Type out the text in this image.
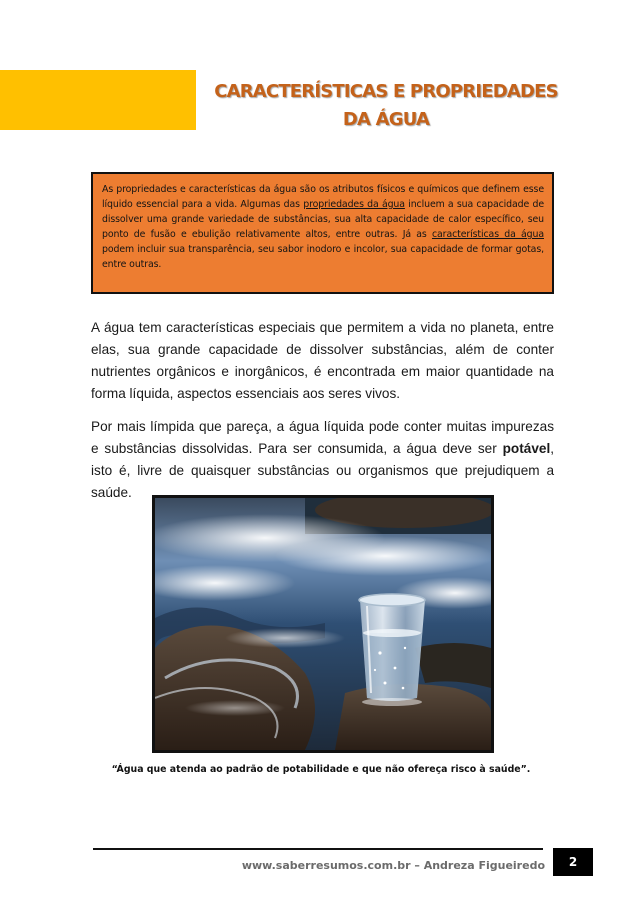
CARACTERÍSTICAS E PROPRIEDADES DA ÁGUA
As propriedades e características da água são os atributos físicos e químicos que definem esse líquido essencial para a vida. Algumas das propriedades da água incluem a sua capacidade de dissolver uma grande variedade de substâncias, sua alta capacidade de calor específico, seu ponto de fusão e ebulição relativamente altos, entre outras. Já as características da água podem incluir sua transparência, seu sabor inodoro e incolor, sua capacidade de formar gotas, entre outras.

A água tem características especiais que permitem a vida no planeta, entre elas, sua grande capacidade de dissolver substâncias, além de conter nutrientes orgânicos e inorgânicos, é encontrada em maior quantidade na forma líquida, aspectos essenciais aos seres vivos.

Por mais límpida que pareça, a água líquida pode conter muitas impurezas e substâncias dissolvidas. Para ser consumida, a água deve ser potável, isto é, livre de quaisquer substâncias ou organismos que prejudiquem a saúde.

“Água que atenda ao padrão de potabilidade e que não ofereça risco à saúde”.

www.saberresumos.com.br – Andreza Figueiredo	2
